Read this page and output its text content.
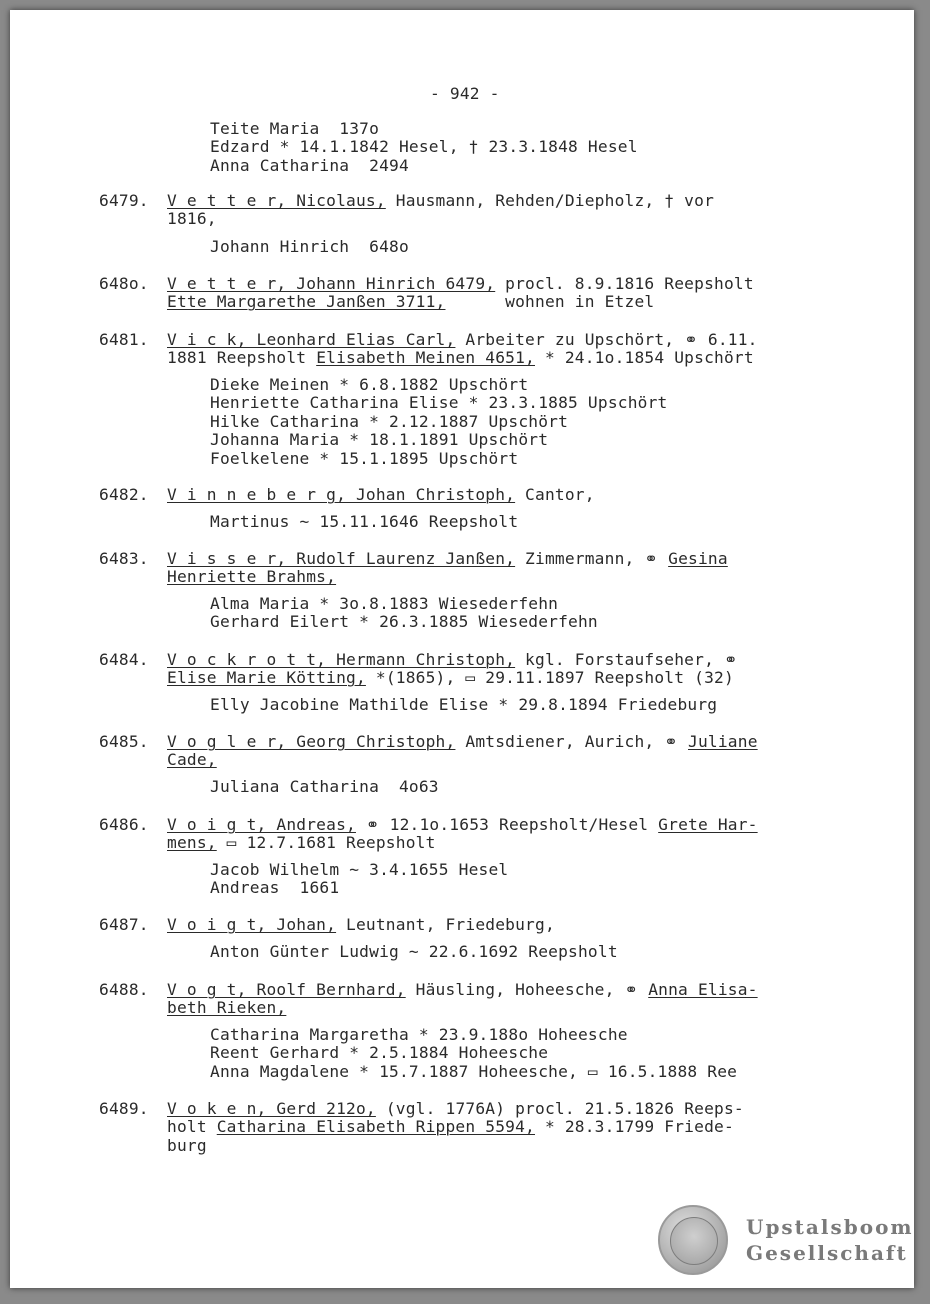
- 942 -
Teite Maria  137o
Edzard * 14.1.1842 Hesel, † 23.3.1848 Hesel
Anna Catharina  2494
6479. V e t t e r, Nicolaus, Hausmann, Rehden/Diepholz, † vor
1816,
Johann Hinrich  648o
648o. V e t t e r, Johann Hinrich 6479, procl. 8.9.1816 Reepsholt
Ette Margarethe Janßen 3711,      wohnen in Etzel
6481. V i c k, Leonhard Elias Carl, Arbeiter zu Upschört, ⚭ 6.11.
1881 Reepsholt Elisabeth Meinen 4651, * 24.1o.1854 Upschört
Dieke Meinen * 6.8.1882 Upschört
Henriette Catharina Elise * 23.3.1885 Upschört
Hilke Catharina * 2.12.1887 Upschört
Johanna Maria * 18.1.1891 Upschört
Foelkelene * 15.1.1895 Upschört
6482. V i n n e b e r g, Johan Christoph, Cantor,
Martinus ~ 15.11.1646 Reepsholt
6483. V i s s e r, Rudolf Laurenz Janßen, Zimmermann, ⚭ Gesina
Henriette Brahms,
Alma Maria * 3o.8.1883 Wiesederfehn
Gerhard Eilert * 26.3.1885 Wiesederfehn
6484. V o c k r o t t, Hermann Christoph, kgl. Forstaufseher, ⚭
Elise Marie Kötting, *(1865), ▭ 29.11.1897 Reepsholt (32)
Elly Jacobine Mathilde Elise * 29.8.1894 Friedeburg
6485. V o g l e r, Georg Christoph, Amtsdiener, Aurich, ⚭ Juliane
Cade,
Juliana Catharina  4o63
6486. V o i g t, Andreas, ⚭ 12.1o.1653 Reepsholt/Hesel Grete Har-
mens, ▭ 12.7.1681 Reepsholt
Jacob Wilhelm ~ 3.4.1655 Hesel
Andreas  1661
6487. V o i g t, Johan, Leutnant, Friedeburg,
Anton Günter Ludwig ~ 22.6.1692 Reepsholt
6488. V o g t, Roolf Bernhard, Häusling, Hoheesche, ⚭ Anna Elisa-
beth Rieken,
Catharina Margaretha * 23.9.188o Hoheesche
Reent Gerhard * 2.5.1884 Hoheesche
Anna Magdalene * 15.7.1887 Hoheesche, ▭ 16.5.1888 Ree
6489. V o k e n, Gerd 212o, (vgl. 1776A) procl. 21.5.1826 Reeps-
holt Catharina Elisabeth Rippen 5594, * 28.3.1799 Friede-
burg
Upstalsboom
Gesellschaft
